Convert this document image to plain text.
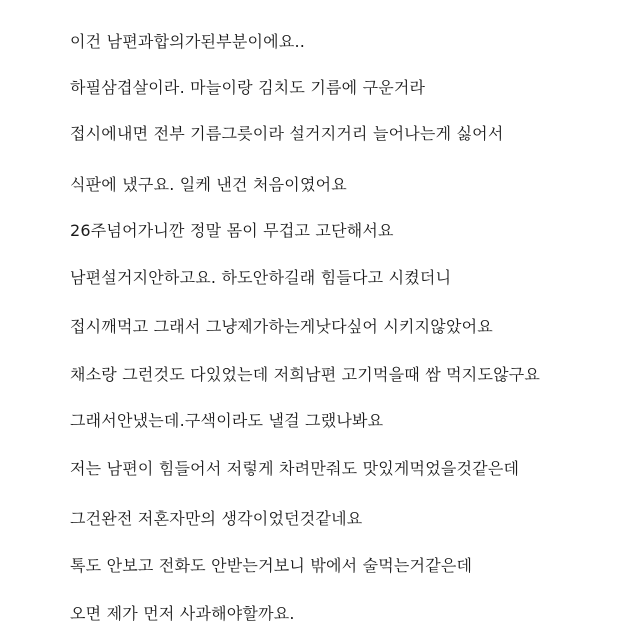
이건 남편과합의가된부분이에요..

하필삼겹살이라. 마늘이랑 김치도 기름에 구운거라

접시에내면 전부 기름그릇이라 설거지거리 늘어나는게 싫어서

식판에 냈구요. 일케 낸건 처음이였어요

26주넘어가니깐 정말 몸이 무겁고 고단해서요

남편설거지안하고요. 하도안하길래 힘들다고 시켰더니

접시깨먹고 그래서 그냥제가하는게낫다싶어 시키지않았어요

채소랑 그런것도 다있었는데 저희남편 고기먹을때 쌈 먹지도않구요

그래서안냈는데.구색이라도 낼걸 그랬나봐요

저는 남편이 힘들어서 저렇게 차려만줘도 맛있게먹었을것같은데

그건완전 저혼자만의 생각이었던것같네요

톡도 안보고 전화도 안받는거보니 밖에서 술먹는거같은데

오면 제가 먼저 사과해야할까요.
